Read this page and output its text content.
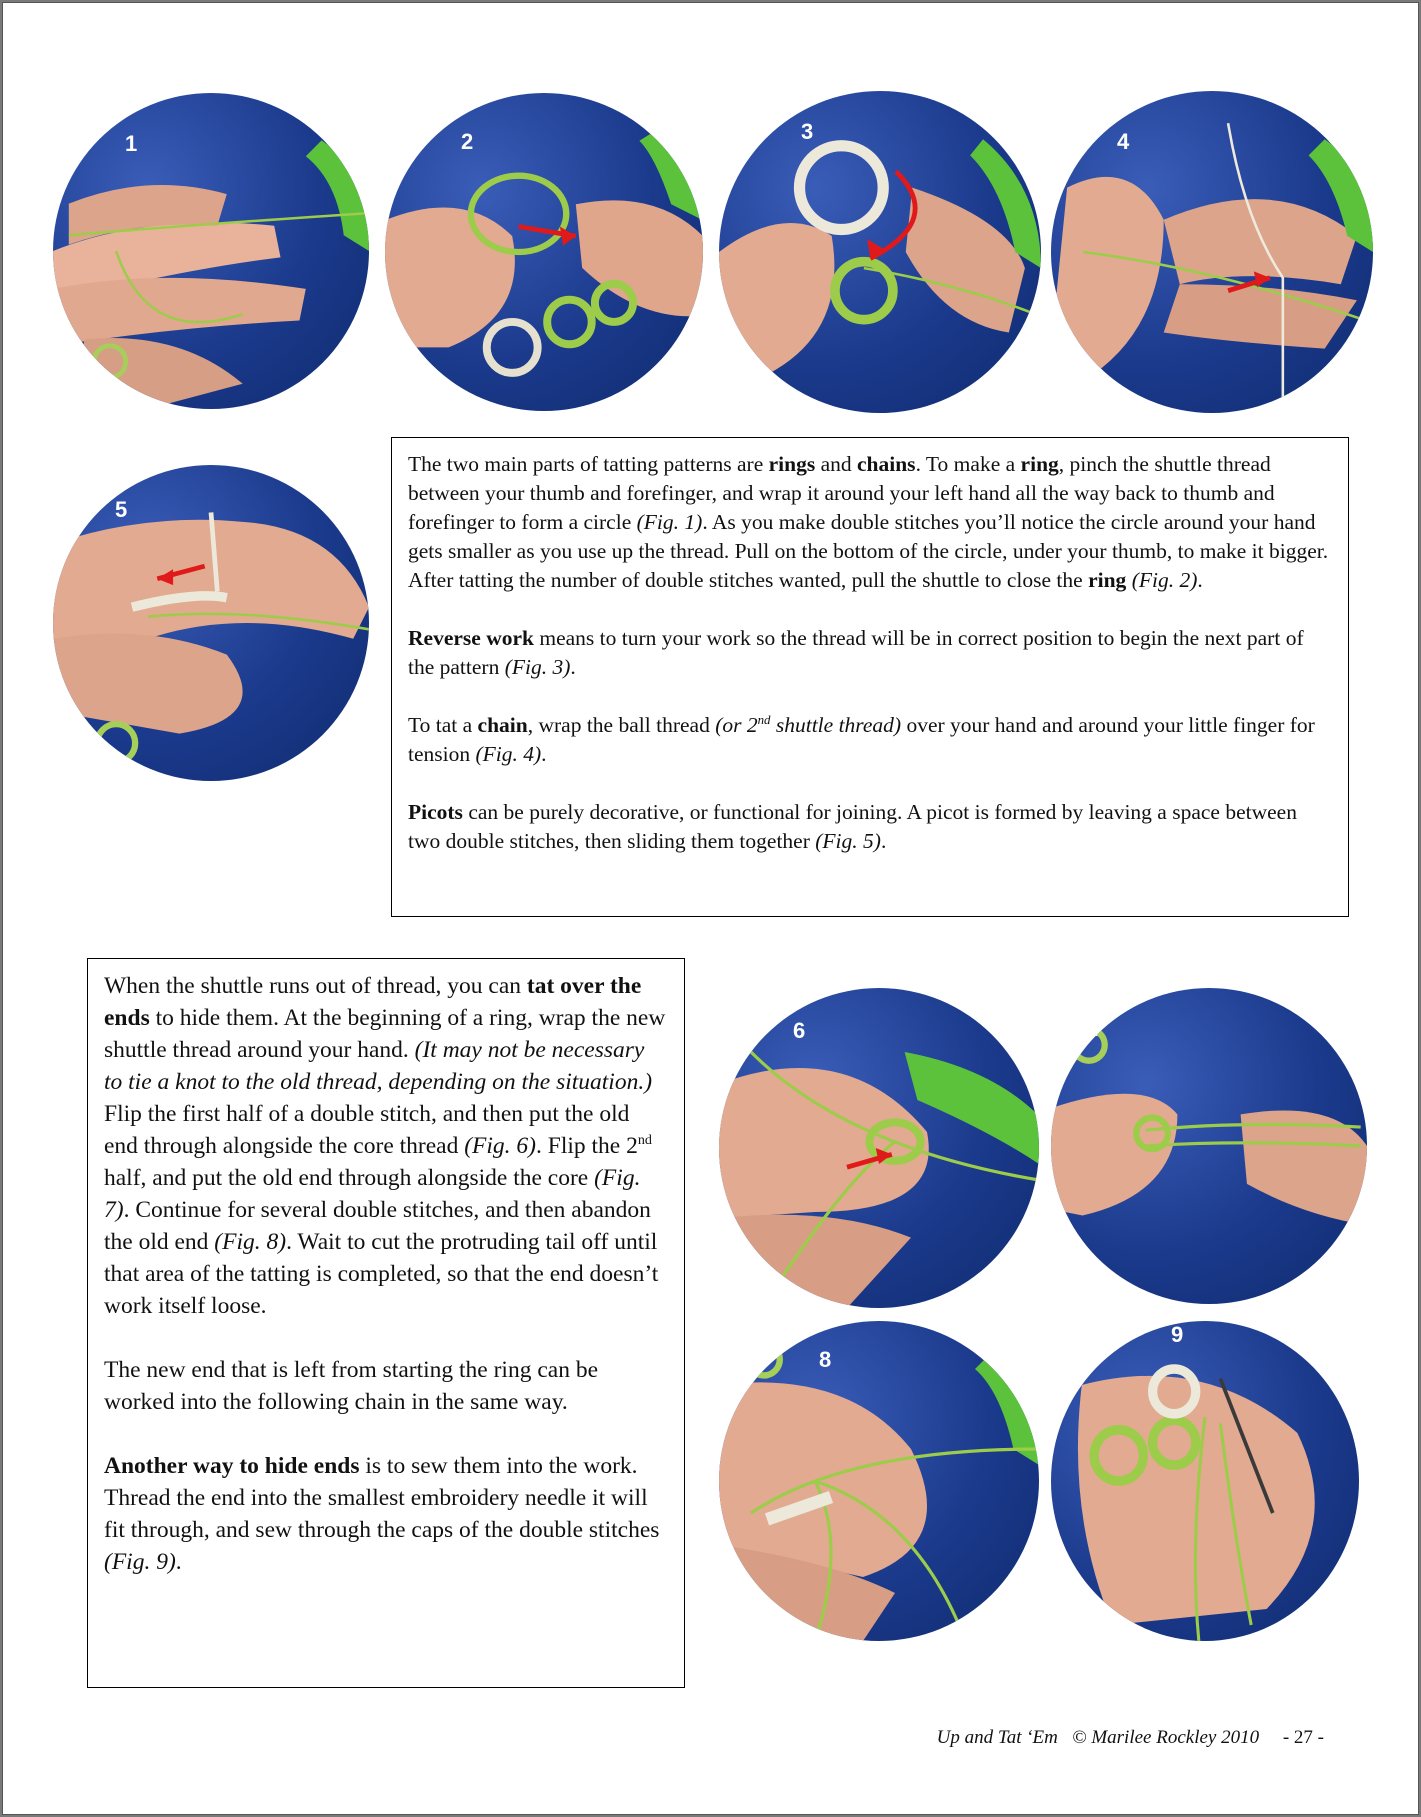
1	2	3	4
5

The two main parts of tatting patterns are rings and chains. To make a ring, pinch the shuttle thread between your thumb and forefinger, and wrap it around your left hand all the way back to thumb and forefinger to form a circle (Fig. 1). As you make double stitches you’ll notice the circle around your hand gets smaller as you use up the thread. Pull on the bottom of the circle, under your thumb, to make it bigger. After tatting the number of double stitches wanted, pull the shuttle to close the ring (Fig. 2).

Reverse work means to turn your work so the thread will be in correct position to begin the next part of the pattern (Fig. 3).

To tat a chain, wrap the ball thread (or 2nd shuttle thread) over your hand and around your little finger for tension (Fig. 4).

Picots can be purely decorative, or functional for joining. A picot is formed by leaving a space between two double stitches, then sliding them together (Fig. 5).

When the shuttle runs out of thread, you can tat over the ends to hide them. At the beginning of a ring, wrap the new shuttle thread around your hand. (It may not be necessary to tie a knot to the old thread, depending on the situation.) Flip the first half of a double stitch, and then put the old end through alongside the core thread (Fig. 6). Flip the 2nd half, and put the old end through alongside the core (Fig. 7). Continue for several double stitches, and then abandon the old end (Fig. 8). Wait to cut the protruding tail off until that area of the tatting is completed, so that the end doesn’t work itself loose.

The new end that is left from starting the ring can be worked into the following chain in the same way.

Another way to hide ends is to sew them into the work. Thread the end into the smallest embroidery needle it will fit through, and sew through the caps of the double stitches (Fig. 9).

6	7
8
9
Up and Tat ‘Em © Marilee Rockley 2010 - 27 -
